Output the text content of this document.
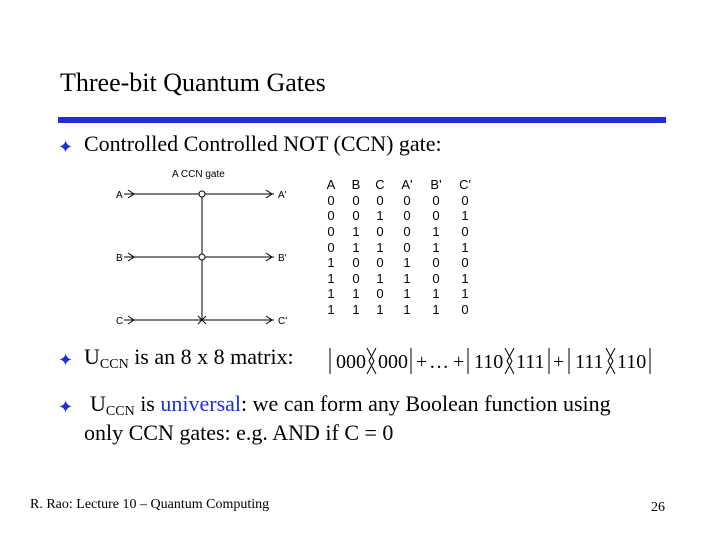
Three-bit Quantum Gates
✦ Controlled Controlled NOT (CCN) gate:
A CCN gate
A
B
C
A'
B'
C'
A	B	C	A'	B'	C'
0	0	0	0	0	0
0	0	1	0	0	1
0	1	0	0	1	0
0	1	1	0	1	1
1	0	0	1	0	0
1	0	1	1	0	1
1	1	0	1	1	1
1	1	1	1	1	0
✦ $U_{CCN}$ is an 8 x 8 matrix: 000 000 + … + 110 111 + 111 110
✦ $U_{CCN}$ is universal: we can form any Boolean function using
only CCN gates: e.g. AND if C = 0
R. Rao: Lecture 10 – Quantum Computing	26
